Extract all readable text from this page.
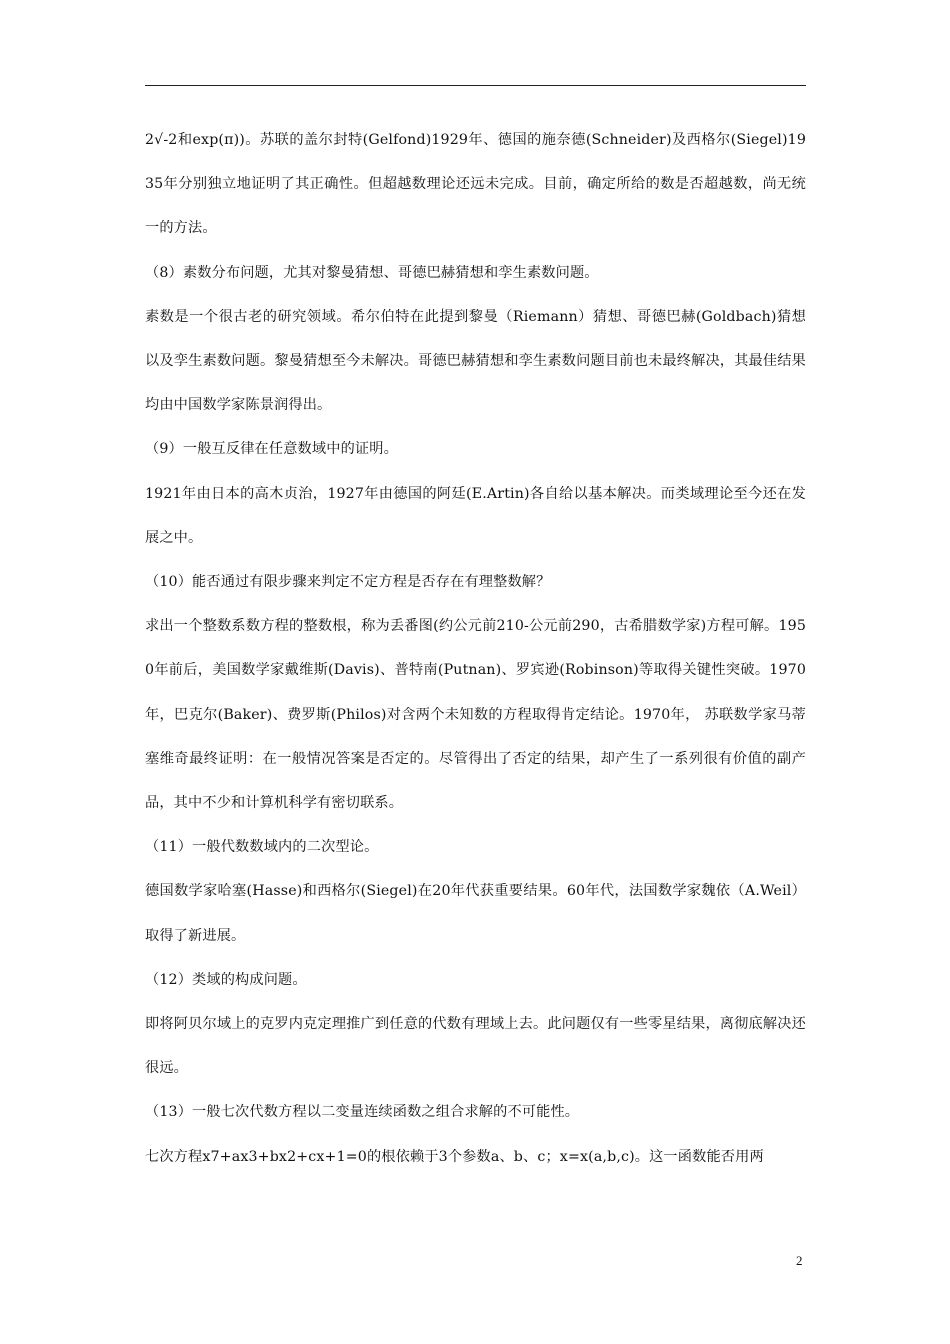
2√-2和exp(π))。苏联的盖尔封特(Gelfond)1929年、德国的施奈德(Schneider)及西格尔(Siegel)1935年分别独立地证明了其正确性。但超越数理论还远未完成。目前，确定所给的数是否超越数，尚无统一的方法。

（8）素数分布问题，尤其对黎曼猜想、哥德巴赫猜想和孪生素数问题。

素数是一个很古老的研究领域。希尔伯特在此提到黎曼（Riemann）猜想、哥德巴赫(Goldbach)猜想以及孪生素数问题。黎曼猜想至今未解决。哥德巴赫猜想和孪生素数问题目前也未最终解决，其最佳结果均由中国数学家陈景润得出。

（9）一般互反律在任意数域中的证明。

1921年由日本的高木贞治，1927年由德国的阿廷(E.Artin)各自给以基本解决。而类域理论至今还在发展之中。

（10）能否通过有限步骤来判定不定方程是否存在有理整数解？

求出一个整数系数方程的整数根，称为丢番图(约公元前210-公元前290，古希腊数学家)方程可解。1950年前后，美国数学家戴维斯(Davis)、普特南(Putnan)、罗宾逊(Robinson)等取得关键性突破。1970年，巴克尔(Baker)、费罗斯(Philos)对含两个未知数的方程取得肯定结论。1970年， 苏联数学家马蒂塞维奇最终证明：在一般情况答案是否定的。尽管得出了否定的结果，却产生了一系列很有价值的副产品，其中不少和计算机科学有密切联系。

（11）一般代数数域内的二次型论。

德国数学家哈塞(Hasse)和西格尔(Siegel)在20年代获重要结果。60年代，法国数学家魏依（A.Weil）取得了新进展。

（12）类域的构成问题。

即将阿贝尔域上的克罗内克定理推广到任意的代数有理域上去。此问题仅有一些零星结果，离彻底解决还很远。

（13）一般七次代数方程以二变量连续函数之组合求解的不可能性。

七次方程x7+ax3+bx2+cx+1=0的根依赖于3个参数a、b、c；x=x(a,b,c)。这一函数能否用两

2
